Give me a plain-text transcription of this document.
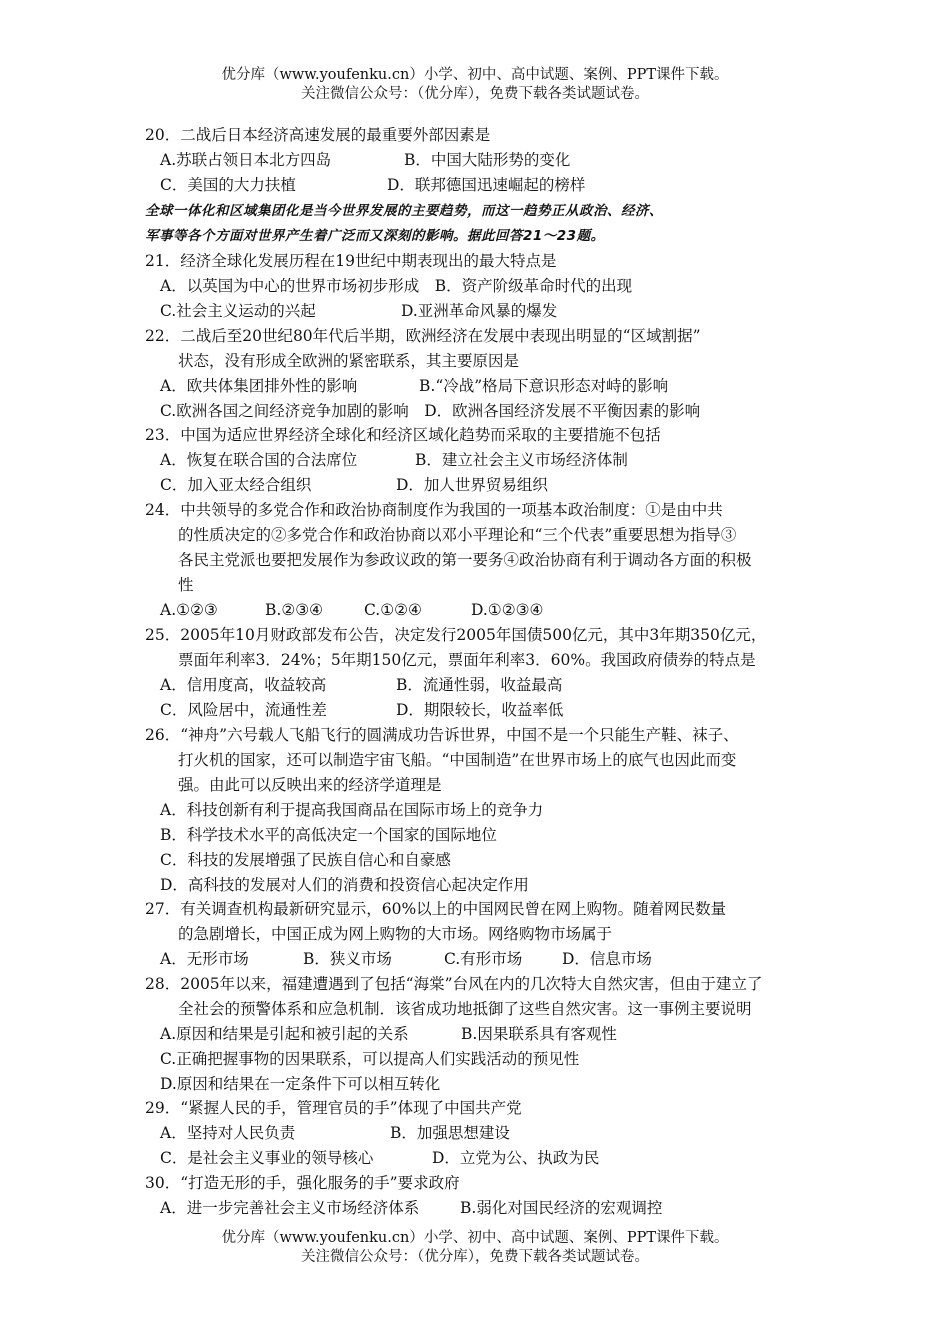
优分库（www.youfenku.cn）小学、初中、高中试题、案例、PPT课件下载。
关注微信公众号：（优分库），免费下载各类试题试卷。
20．二战后日本经济高速发展的最重要外部因素是
A.苏联占领日本北方四岛	B．中国大陆形势的变化
C．美国的大力扶植	D．联邦德国迅速崛起的榜样
全球一体化和区域集团化是当今世界发展的主要趋势，而这一趋势正从政治、经济、
军事等各个方面对世界产生着广泛而又深刻的影响。据此回答21～23题。
21．经济全球化发展历程在19世纪中期表现出的最大特点是
A．以英国为中心的世界市场初步形成　B．资产阶级革命时代的出现
C.社会主义运动的兴起	D.亚洲革命风暴的爆发
22．二战后至20世纪80年代后半期，欧洲经济在发展中表现出明显的“区域割据”
状态，没有形成全欧洲的紧密联系，其主要原因是
A．欧共体集团排外性的影响	B.“冷战”格局下意识形态对峙的影响
C.欧洲各国之间经济竞争加剧的影响　D．欧洲各国经济发展不平衡因素的影响
23．中国为适应世界经济全球化和经济区域化趋势而采取的主要措施不包括
A．恢复在联合国的合法席位	B．建立社会主义市场经济体制
C．加入亚太经合组织	D．加人世界贸易组织
24．中共领导的多党合作和政治协商制度作为我国的一项基本政治制度：①是由中共
的性质决定的②多党合作和政治协商以邓小平理论和“三个代表”重要思想为指导③
各民主党派也要把发展作为参政议政的第一要务④政治协商有利于调动各方面的积极
性
A.①②③	B.②③④	C.①②④	D.①②③④
25．2005年10月财政部发布公告，决定发行2005年国债500亿元，其中3年期350亿元，
票面年利率3．24%；5年期150亿元，票面年利率3．60%。我国政府债券的特点是
A．信用度高，收益较高	B．流通性弱，收益最高
C．风险居中，流通性差	D．期限较长，收益率低
26．“神舟”六号载人飞船飞行的圆满成功告诉世界，中国不是一个只能生产鞋、袜子、
打火机的国家，还可以制造宇宙飞船。“中国制造”在世界市场上的底气也因此而变
强。由此可以反映出来的经济学道理是
A．科技创新有利于提高我国商品在国际市场上的竞争力
B．科学技术水平的高低决定一个国家的国际地位
C．科技的发展增强了民族自信心和自豪感
D．高科技的发展对人们的消费和投资信心起决定作用
27．有关调查机构最新研究显示，60%以上的中国网民曾在网上购物。随着网民数量
的急剧增长，中国正成为网上购物的大市场。网络购物市场属于
A．无形市场	B．狭义市场	C.有形市场	D．信息市场
28．2005年以来，福建遭遇到了包括“海棠”台风在内的几次特大自然灾害，但由于建立了
全社会的预警体系和应急机制．该省成功地抵御了这些自然灾害。这一事例主要说明
A.原因和结果是引起和被引起的关系	B.因果联系具有客观性
C.正确把握事物的因果联系，可以提高人们实践活动的预见性
D.原因和结果在一定条件下可以相互转化
29．“紧握人民的手，管理官员的手”体现了中国共产党
A．坚持对人民负责	B．加强思想建设
C．是社会主义事业的领导核心	D．立党为公、执政为民
30．“打造无形的手，强化服务的手”要求政府
A．进一步完善社会主义市场经济体系	B.弱化对国民经济的宏观调控
优分库（www.youfenku.cn）小学、初中、高中试题、案例、PPT课件下载。
关注微信公众号：（优分库），免费下载各类试题试卷。
